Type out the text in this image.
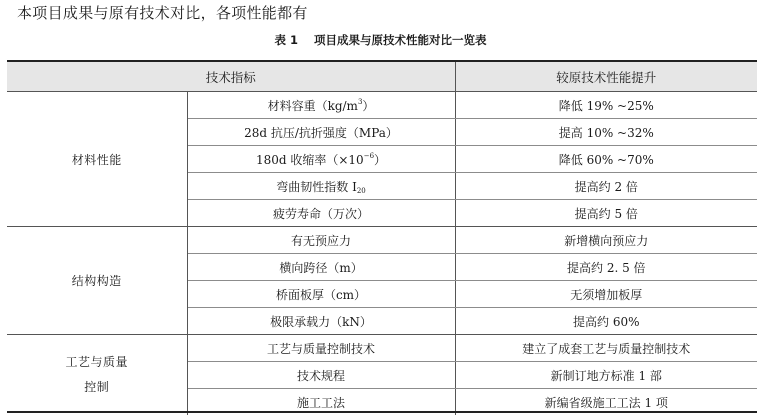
本项目成果与原有技术对比，各项性能都有
表 1 项目成果与原技术性能对比一览表
技术指标		较原技术性能提升
材料性能	材料容重$(kg/m^3)$	降低 19% ~25%
	28d 抗压/抗折强度（MPa）	提高 10% ~32%
	180d 收缩率$(\times 10^{-6})$	降低 60% ~70%
	弯曲韧性指数 $I_{20}$	提高约 2 倍
	疲劳寿命（万次）	提高约 5 倍
结构构造	有无预应力	新增横向预应力
	横向跨径（m）	提高约 2. 5 倍
	桥面板厚（cm）	无须增加板厚
	极限承载力（kN）	提高约 60%

工艺与质量
控制	工艺与质量控制技术	建立了成套工艺与质量控制技术
	技术规程	新制订地方标准 1 部
	施工工法	新编省级施工工法 1 项
